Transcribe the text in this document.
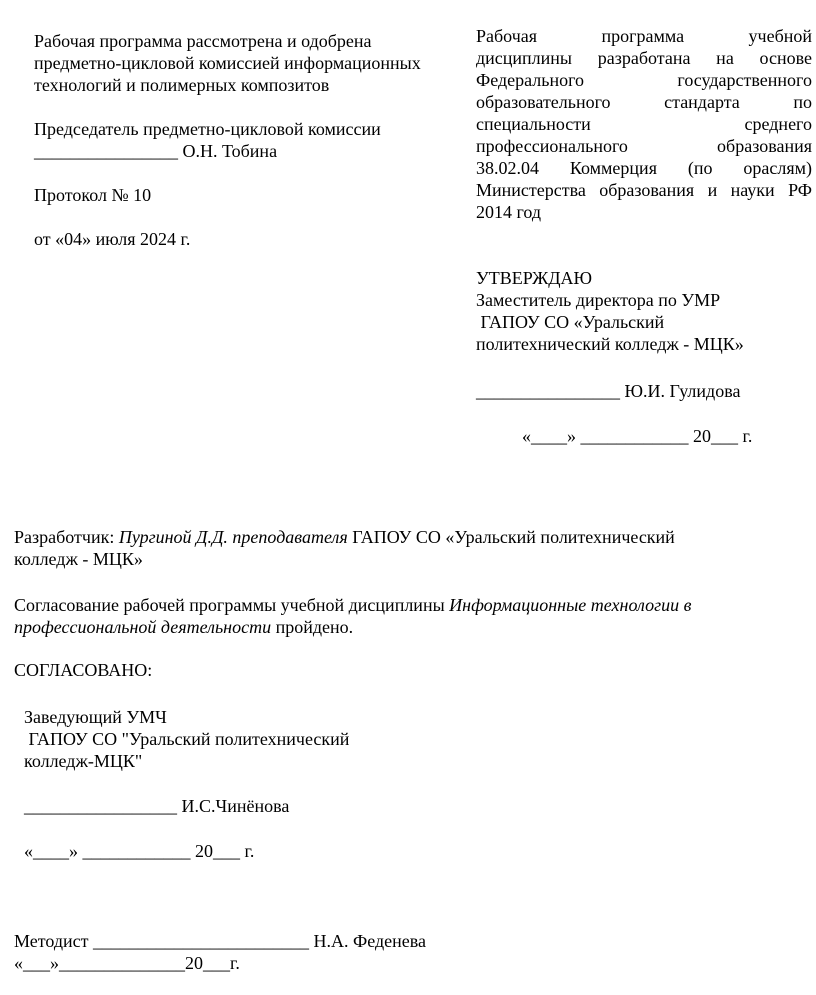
Рабочая программа рассмотрена и одобрена
предметно-цикловой комиссией информационных
технологий и полимерных композитов
Председатель предметно-цикловой комиссии
________________ О.Н. Тобина
Протокол № 10
от «04» июля 2024 г.
Рабочая программа учебной
дисциплины разработана на основе
Федерального государственного
образовательного стандарта по
специальности среднего
профессионального образования
38.02.04 Коммерция (по орaслям)
Министерства образования и науки РФ
2014 год
УТВЕРЖДАЮ
Заместитель директора по УМР
ГАПОУ СО «Уральский
политехнический колледж - МЦК»
________________ Ю.И. Гулидова
«____» ____________ 20___ г.
Разработчик: Пургиной Д.Д. преподавателя ГАПОУ СО «Уральский политехнический
колледж - МЦК»
Согласование рабочей программы учебной дисциплины Информационные технологии в
профессиональной деятельности пройдено.
СОГЛАСОВАНО:
Заведующий УМЧ
ГАПОУ СО "Уральский политехнический
колледж-МЦК"
_________________ И.С.Чинёнова
«____» ____________ 20___ г.
Методист ________________________ Н.А. Феденева
«___»______________20___г.
